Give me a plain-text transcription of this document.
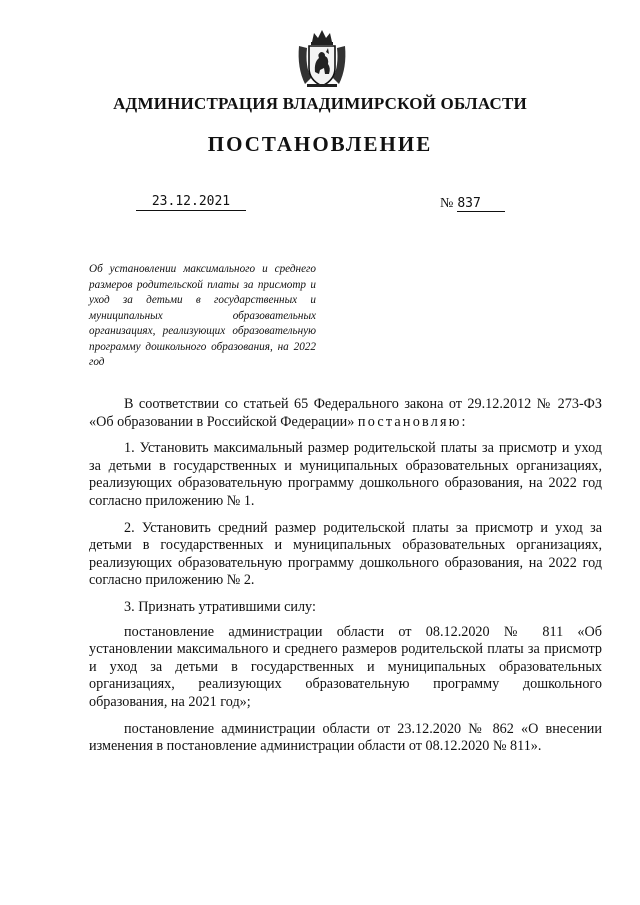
АДМИНИСТРАЦИЯ ВЛАДИМИРСКОЙ ОБЛАСТИ
ПОСТАНОВЛЕНИЕ
23.12.2021	№ 837
Об установлении максимального и среднего размеров родительской платы за присмотр и уход за детьми в государственных и муниципальных образовательных организациях, реализующих образовательную программу дошкольного образования, на 2022 год

В соответствии со статьей 65 Федерального закона от 29.12.2012 № 273-ФЗ «Об образовании в Российской Федерации» постановляю:

1. Установить максимальный размер родительской платы за присмотр и уход за детьми в государственных и муниципальных образовательных организациях, реализующих образовательную программу дошкольного образования, на 2022 год согласно приложению № 1.

2. Установить средний размер родительской платы за присмотр и уход за детьми в государственных и муниципальных образовательных организациях, реализующих образовательную программу дошкольного образования, на 2022 год согласно приложению № 2.

3. Признать утратившими силу:

постановление администрации области от 08.12.2020 № 811 «Об установлении максимального и среднего размеров родительской платы за присмотр и уход за детьми в государственных и муниципальных образовательных организациях, реализующих образовательную программу дошкольного образования, на 2021 год»;

постановление администрации области от 23.12.2020 № 862 «О внесении изменения в постановление администрации области от 08.12.2020 № 811».
